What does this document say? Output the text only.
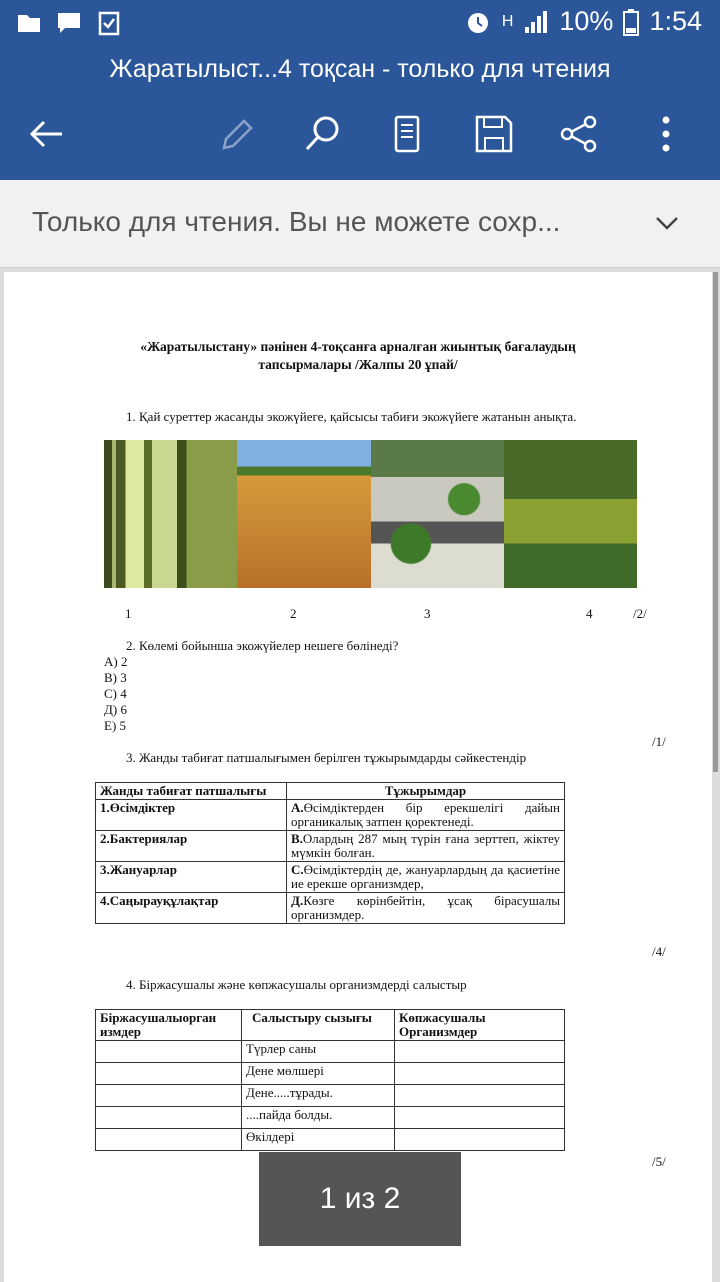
H 10% 1:54
Жаратылыст...4 тоқсан - только для чтения
Только для чтения. Вы не можете сохр...
«Жаратылыстану» пәнінен 4-тоқсанға арналған жиынтық бағалаудың
тапсырмалары /Жалпы 20 ұпай/
1. Қай суреттер жасанды экожүйеге, қайсысы табиғи экожүйеге жатанын анықта.
1	2	3	4	/2/
2. Көлемі бойынша экожүйелер нешеге бөлінеді?
А) 2
В) 3
С) 4
Д) 6
Е) 5
/1/
3. Жанды табиғат патшалығымен берілген тұжырымдарды сәйкестендір
Жанды табиғат патшалығы	Тұжырымдар
1.Өсімдіктер	А.Өсімдіктерден бір ерекшелігі дайын органикалық затпен қоректенеді.
2.Бактериялар	В.Олардың 287 мың түрін ғана зерттеп, жіктеу мүмкін болған.
3.Жануарлар	С.Өсімдіктердің де, жануарлардың да қасиетіне ие ерекше организмдер,
4.Саңырауқұлақтар	Д.Көзге көрінбейтін, ұсақ бірасушалы организмдер.
/4/
4. Біржасушалы және көпжасушалы организмдерді салыстыр
Біржасушалыорган измдер	Салыстыру сызығы	Көпжасушалы Организмдер
	Түрлер саны	
	Дене мөлшері	
	Дене.....тұрады.	
	....пайда болды.	
	Өкілдері	
/5/
1 из 2
